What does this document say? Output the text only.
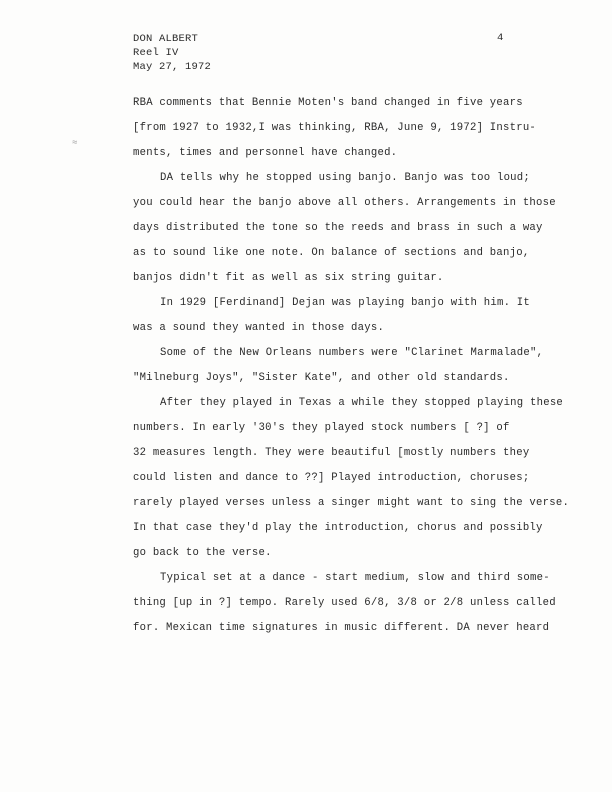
DON ALBERT
Reel IV
May 27, 1972
4
≈
RBA comments that Bennie Moten's band changed in five years
[from 1927 to 1932,I was thinking, RBA, June 9, 1972] Instru-
ments, times and personnel have changed.
DA tells why he stopped using banjo. Banjo was too loud;
you could hear the banjo above all others. Arrangements in those
days distributed the tone so the reeds and brass in such a way
as to sound like one note. On balance of sections and banjo,
banjos didn't fit as well as six string guitar.
In 1929 [Ferdinand] Dejan was playing banjo with him. It
was a sound they wanted in those days.
Some of the New Orleans numbers were "Clarinet Marmalade",
"Milneburg Joys", "Sister Kate", and other old standards.
After they played in Texas a while they stopped playing these
numbers. In early '30's they played stock numbers [ ?] of
32 measures length. They were beautiful [mostly numbers they
could listen and dance to ??] Played introduction, choruses;
rarely played verses unless a singer might want to sing the verse.
In that case they'd play the introduction, chorus and possibly
go back to the verse.
Typical set at a dance - start medium, slow and third some-
thing [up in ?] tempo. Rarely used 6/8, 3/8 or 2/8 unless called
for. Mexican time signatures in music different. DA never heard
